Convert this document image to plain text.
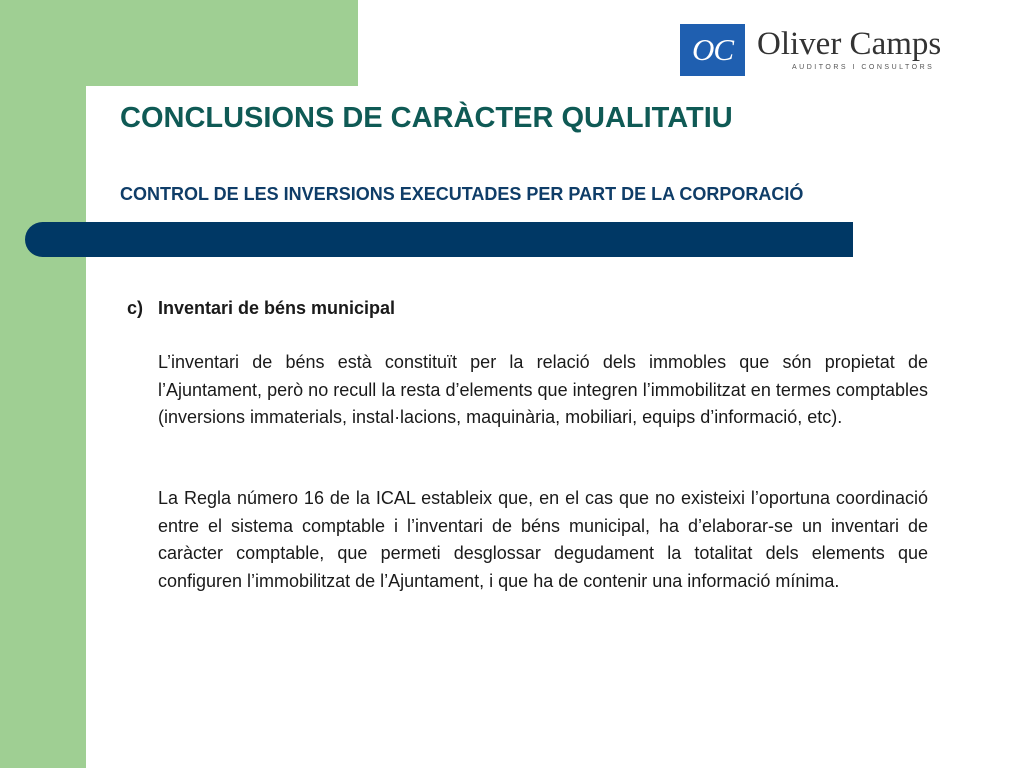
OC Oliver Camps
AUDITORS I CONSULTORS
CONCLUSIONS DE CARÀCTER QUALITATIU
CONTROL DE LES INVERSIONS EXECUTADES PER PART DE LA CORPORACIÓ
c) Inventari de béns municipal

L’inventari de béns està constituït per la relació dels immobles que són propietat de l’Ajuntament, però no recull la resta d’elements que integren l’immobilitzat en termes comptables (inversions immaterials, instal·lacions, maquinària, mobiliari, equips d’informació, etc).

La Regla número 16 de la ICAL estableix que, en el cas que no existeixi l’oportuna coordinació entre el sistema comptable i l’inventari de béns municipal, ha d’elaborar-se un inventari de caràcter comptable, que permeti desglossar degudament la totalitat dels elements que configuren l’immobilitzat de l’Ajuntament, i que ha de contenir una informació mínima.
